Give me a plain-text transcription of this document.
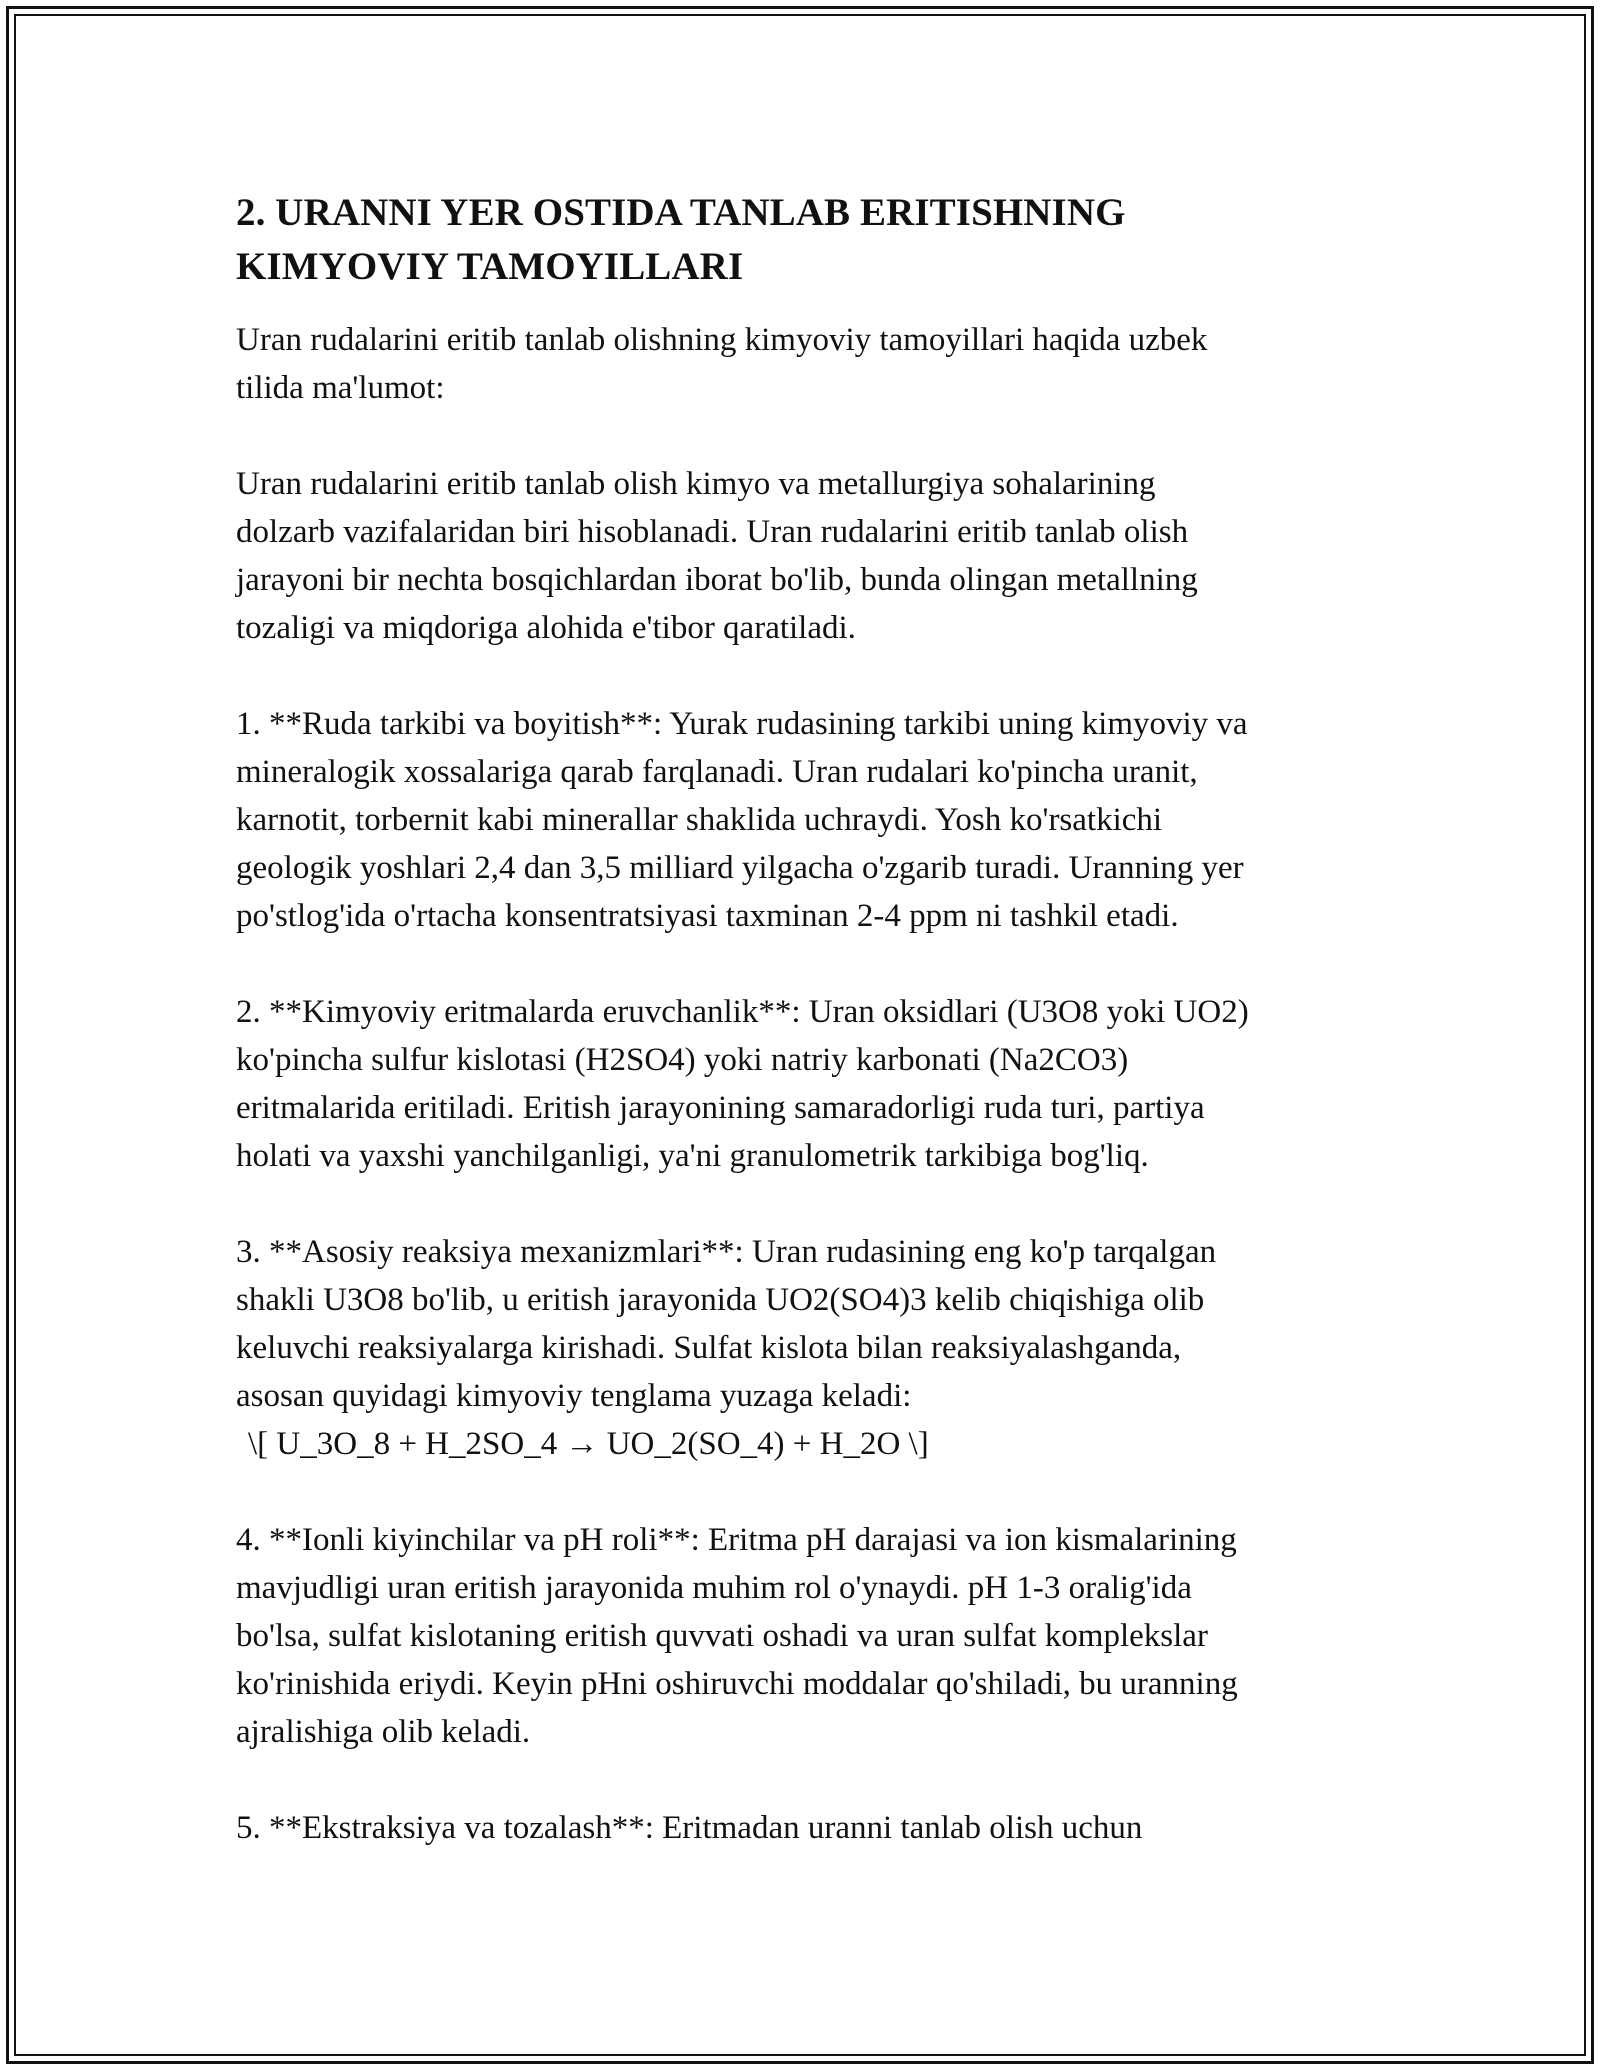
2. URANNI YER OSTIDA TANLAB ERITISHNING
KIMYOVIY TAMOYILLARI

Uran rudalarini eritib tanlab olishning kimyoviy tamoyillari haqida uzbek
tilida ma'lumot:

Uran rudalarini eritib tanlab olish kimyo va metallurgiya sohalarining
dolzarb vazifalaridan biri hisoblanadi. Uran rudalarini eritib tanlab olish
jarayoni bir nechta bosqichlardan iborat bo'lib, bunda olingan metallning
tozaligi va miqdoriga alohida e'tibor qaratiladi.

1. **Ruda tarkibi va boyitish**: Yurak rudasining tarkibi uning kimyoviy va
mineralogik xossalariga qarab farqlanadi. Uran rudalari ko'pincha uranit,
karnotit, torbernit kabi minerallar shaklida uchraydi. Yosh ko'rsatkichi
geologik yoshlari 2,4 dan 3,5 milliard yilgacha o'zgarib turadi. Uranning yer
po'stlog'ida o'rtacha konsentratsiyasi taxminan 2-4 ppm ni tashkil etadi.

2. **Kimyoviy eritmalarda eruvchanlik**: Uran oksidlari (U3O8 yoki UO2)
ko'pincha sulfur kislotasi (H2SO4) yoki natriy karbonati (Na2CO3)
eritmalarida eritiladi. Eritish jarayonining samaradorligi ruda turi, partiya
holati va yaxshi yanchilganligi, ya'ni granulometrik tarkibiga bog'liq.

3. **Asosiy reaksiya mexanizmlari**: Uran rudasining eng ko'p tarqalgan
shakli U3O8 bo'lib, u eritish jarayonida UO2(SO4)3 kelib chiqishiga olib
keluvchi reaksiyalarga kirishadi. Sulfat kislota bilan reaksiyalashganda,
asosan quyidagi kimyoviy tenglama yuzaga keladi:
\[ U_3O_8 + H_2SO_4 → UO_2(SO_4) + H_2O \]

4. **Ionli kiyinchilar va pH roli**: Eritma pH darajasi va ion kismalarining
mavjudligi uran eritish jarayonida muhim rol o'ynaydi. pH 1-3 oralig'ida
bo'lsa, sulfat kislotaning eritish quvvati oshadi va uran sulfat komplekslar
ko'rinishida eriydi. Keyin pHni oshiruvchi moddalar qo'shiladi, bu uranning
ajralishiga olib keladi.

5. **Ekstraksiya va tozalash**: Eritmadan uranni tanlab olish uchun
